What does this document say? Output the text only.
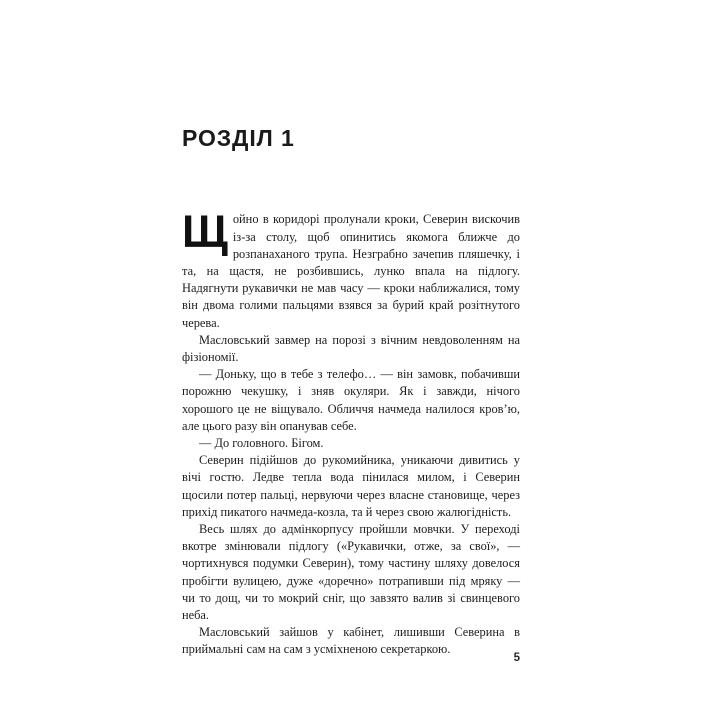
РОЗДІЛ 1

Щойно в коридорі пролунали кроки, Северин вискочив із-за столу, щоб опинитись якомога ближче до розпанаханого трупа. Незграбно зачепив пляшечку, і та, на щастя, не розбившись, лунко впала на підлогу. Надягнути рукавички не мав часу — кроки наближалися, тому він двома голими пальцями взявся за бурий край розітнутого черева.

Масловський завмер на порозі з вічним невдоволенням на фізіономії.

— Доньку, що в тебе з телефо… — він замовк, побачивши порожню чекушку, і зняв окуляри. Як і завжди, нічого хорошого це не віщувало. Обличчя начмеда налилося кров’ю, але цього разу він опанував себе.

— До головного. Бігом.

Северин підійшов до рукомийника, уникаючи дивитись у вічі гостю. Ледве тепла вода пінилася милом, і Северин щосили потер пальці, нервуючи через власне становище, через прихід пикатого начмеда-козла, та й через свою жалюгідність.

Весь шлях до адмінкорпусу пройшли мовчки. У переході вкотре змінювали підлогу («Рукавички, отже, за свої», — чортихнувся подумки Северин), тому частину шляху довелося пробігти вулицею, дуже «доречно» потрапивши під мряку — чи то дощ, чи то мокрий сніг, що завзято валив зі свинцевого неба.

Масловський зайшов у кабінет, лишивши Северина в приймальні сам на сам з усміхненою секретаркою.

5
